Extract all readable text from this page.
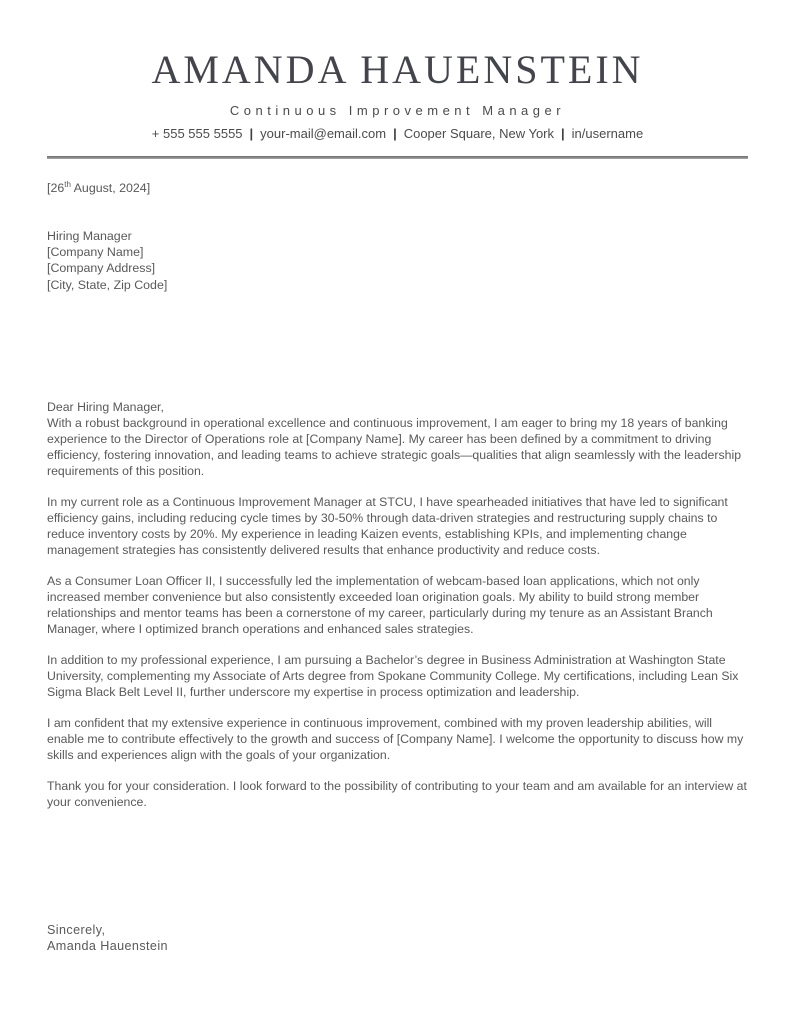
AMANDA HAUENSTEIN
Continuous Improvement Manager
+ 555 555 5555 | your-mail@email.com | Cooper Square, New York | in/username
[26th August, 2024]
Hiring Manager
[Company Name]
[Company Address]
[City, State, Zip Code]
Dear Hiring Manager,

With a robust background in operational excellence and continuous improvement, I am eager to bring my 18 years of banking experience to the Director of Operations role at [Company Name]. My career has been defined by a commitment to driving efficiency, fostering innovation, and leading teams to achieve strategic goals—qualities that align seamlessly with the leadership requirements of this position.

In my current role as a Continuous Improvement Manager at STCU, I have spearheaded initiatives that have led to significant efficiency gains, including reducing cycle times by 30-50% through data-driven strategies and restructuring supply chains to reduce inventory costs by 20%. My experience in leading Kaizen events, establishing KPIs, and implementing change management strategies has consistently delivered results that enhance productivity and reduce costs.

As a Consumer Loan Officer II, I successfully led the implementation of webcam-based loan applications, which not only increased member convenience but also consistently exceeded loan origination goals. My ability to build strong member relationships and mentor teams has been a cornerstone of my career, particularly during my tenure as an Assistant Branch Manager, where I optimized branch operations and enhanced sales strategies.

In addition to my professional experience, I am pursuing a Bachelor’s degree in Business Administration at Washington State University, complementing my Associate of Arts degree from Spokane Community College. My certifications, including Lean Six Sigma Black Belt Level II, further underscore my expertise in process optimization and leadership.

I am confident that my extensive experience in continuous improvement, combined with my proven leadership abilities, will enable me to contribute effectively to the growth and success of [Company Name]. I welcome the opportunity to discuss how my skills and experiences align with the goals of your organization.

Thank you for your consideration. I look forward to the possibility of contributing to your team and am available for an interview at your convenience.

Sincerely,
Amanda Hauenstein
